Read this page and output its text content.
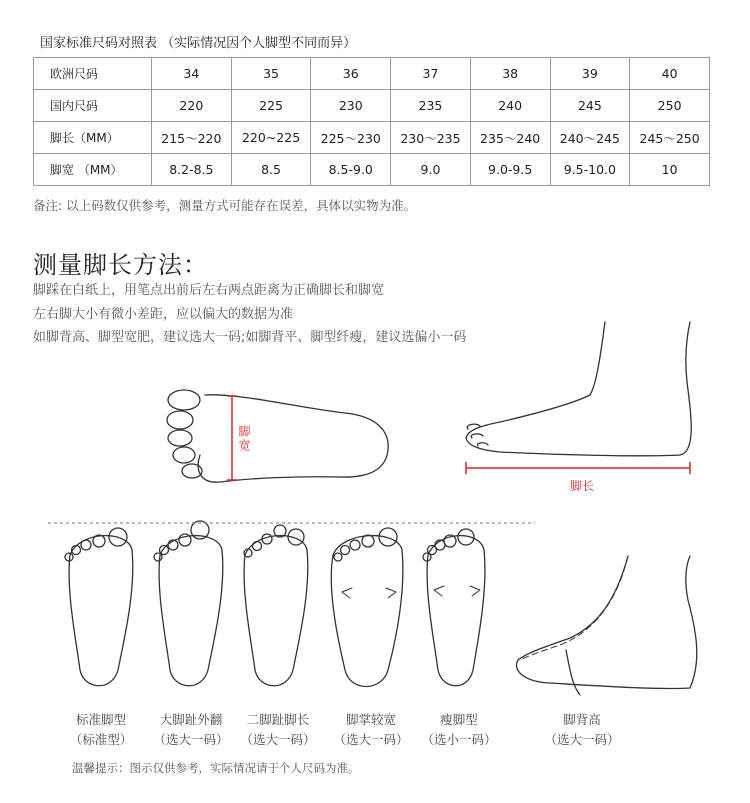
国家标准尺码对照表 （实际情况因个人脚型不同而异）
欧洲尺码	34	35	36	37	38	39	40
国内尺码	220	225	230	235	240	245	250
脚长（MM）	215～220	220~225	225～230	230～235	235～240	240～245	245～250
脚宽 （MM）	8.2-8.5	8.5	8.5-9.0	9.0	9.0-9.5	9.5-10.0	10
备注: 以上码数仅供参考，测量方式可能存在误差，具体以实物为准。
测量脚长方法：
脚踩在白纸上，用笔点出前后左右两点距离为正确脚长和脚宽
左右脚大小有微小差距，应以偏大的数据为准
如脚背高、脚型宽肥，建议选大一码;如脚背平、脚型纤瘦，建议选偏小一码
脚宽
脚长
标准脚型
（标准型）
大脚趾外翻
（选大一码）
二脚趾脚长
（选大一码）
脚掌较宽
（选大一码）
瘦脚型
（选小一码）
脚背高
（选大一码）
温馨提示：图示仅供参考，实际情况请于个人尺码为准。
